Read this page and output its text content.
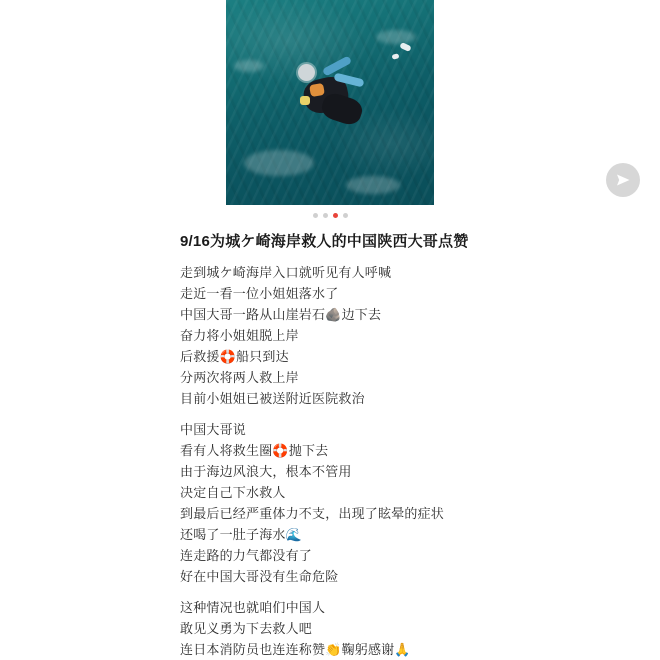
9/16为城ケ崎海岸救人的中国陕西大哥点赞
走到城ケ崎海岸入口就听见有人呼喊
走近一看一位小姐姐落水了
中国大哥一路从山崖岩石🪨边下去
奋力将小姐姐脱上岸
后救援🛟船只到达
分两次将两人救上岸
目前小姐姐已被送附近医院救治
中国大哥说
看有人将救生圈🛟抛下去
由于海边风浪大，根本不管用
决定自己下水救人
到最后已经严重体力不支，出现了眩晕的症状
还喝了一肚子海水🌊
连走路的力气都没有了
好在中国大哥没有生命危险
这种情况也就咱们中国人
敢见义勇为下去救人吧
连日本消防员也连连称赞👏鞠躬感谢🙏
